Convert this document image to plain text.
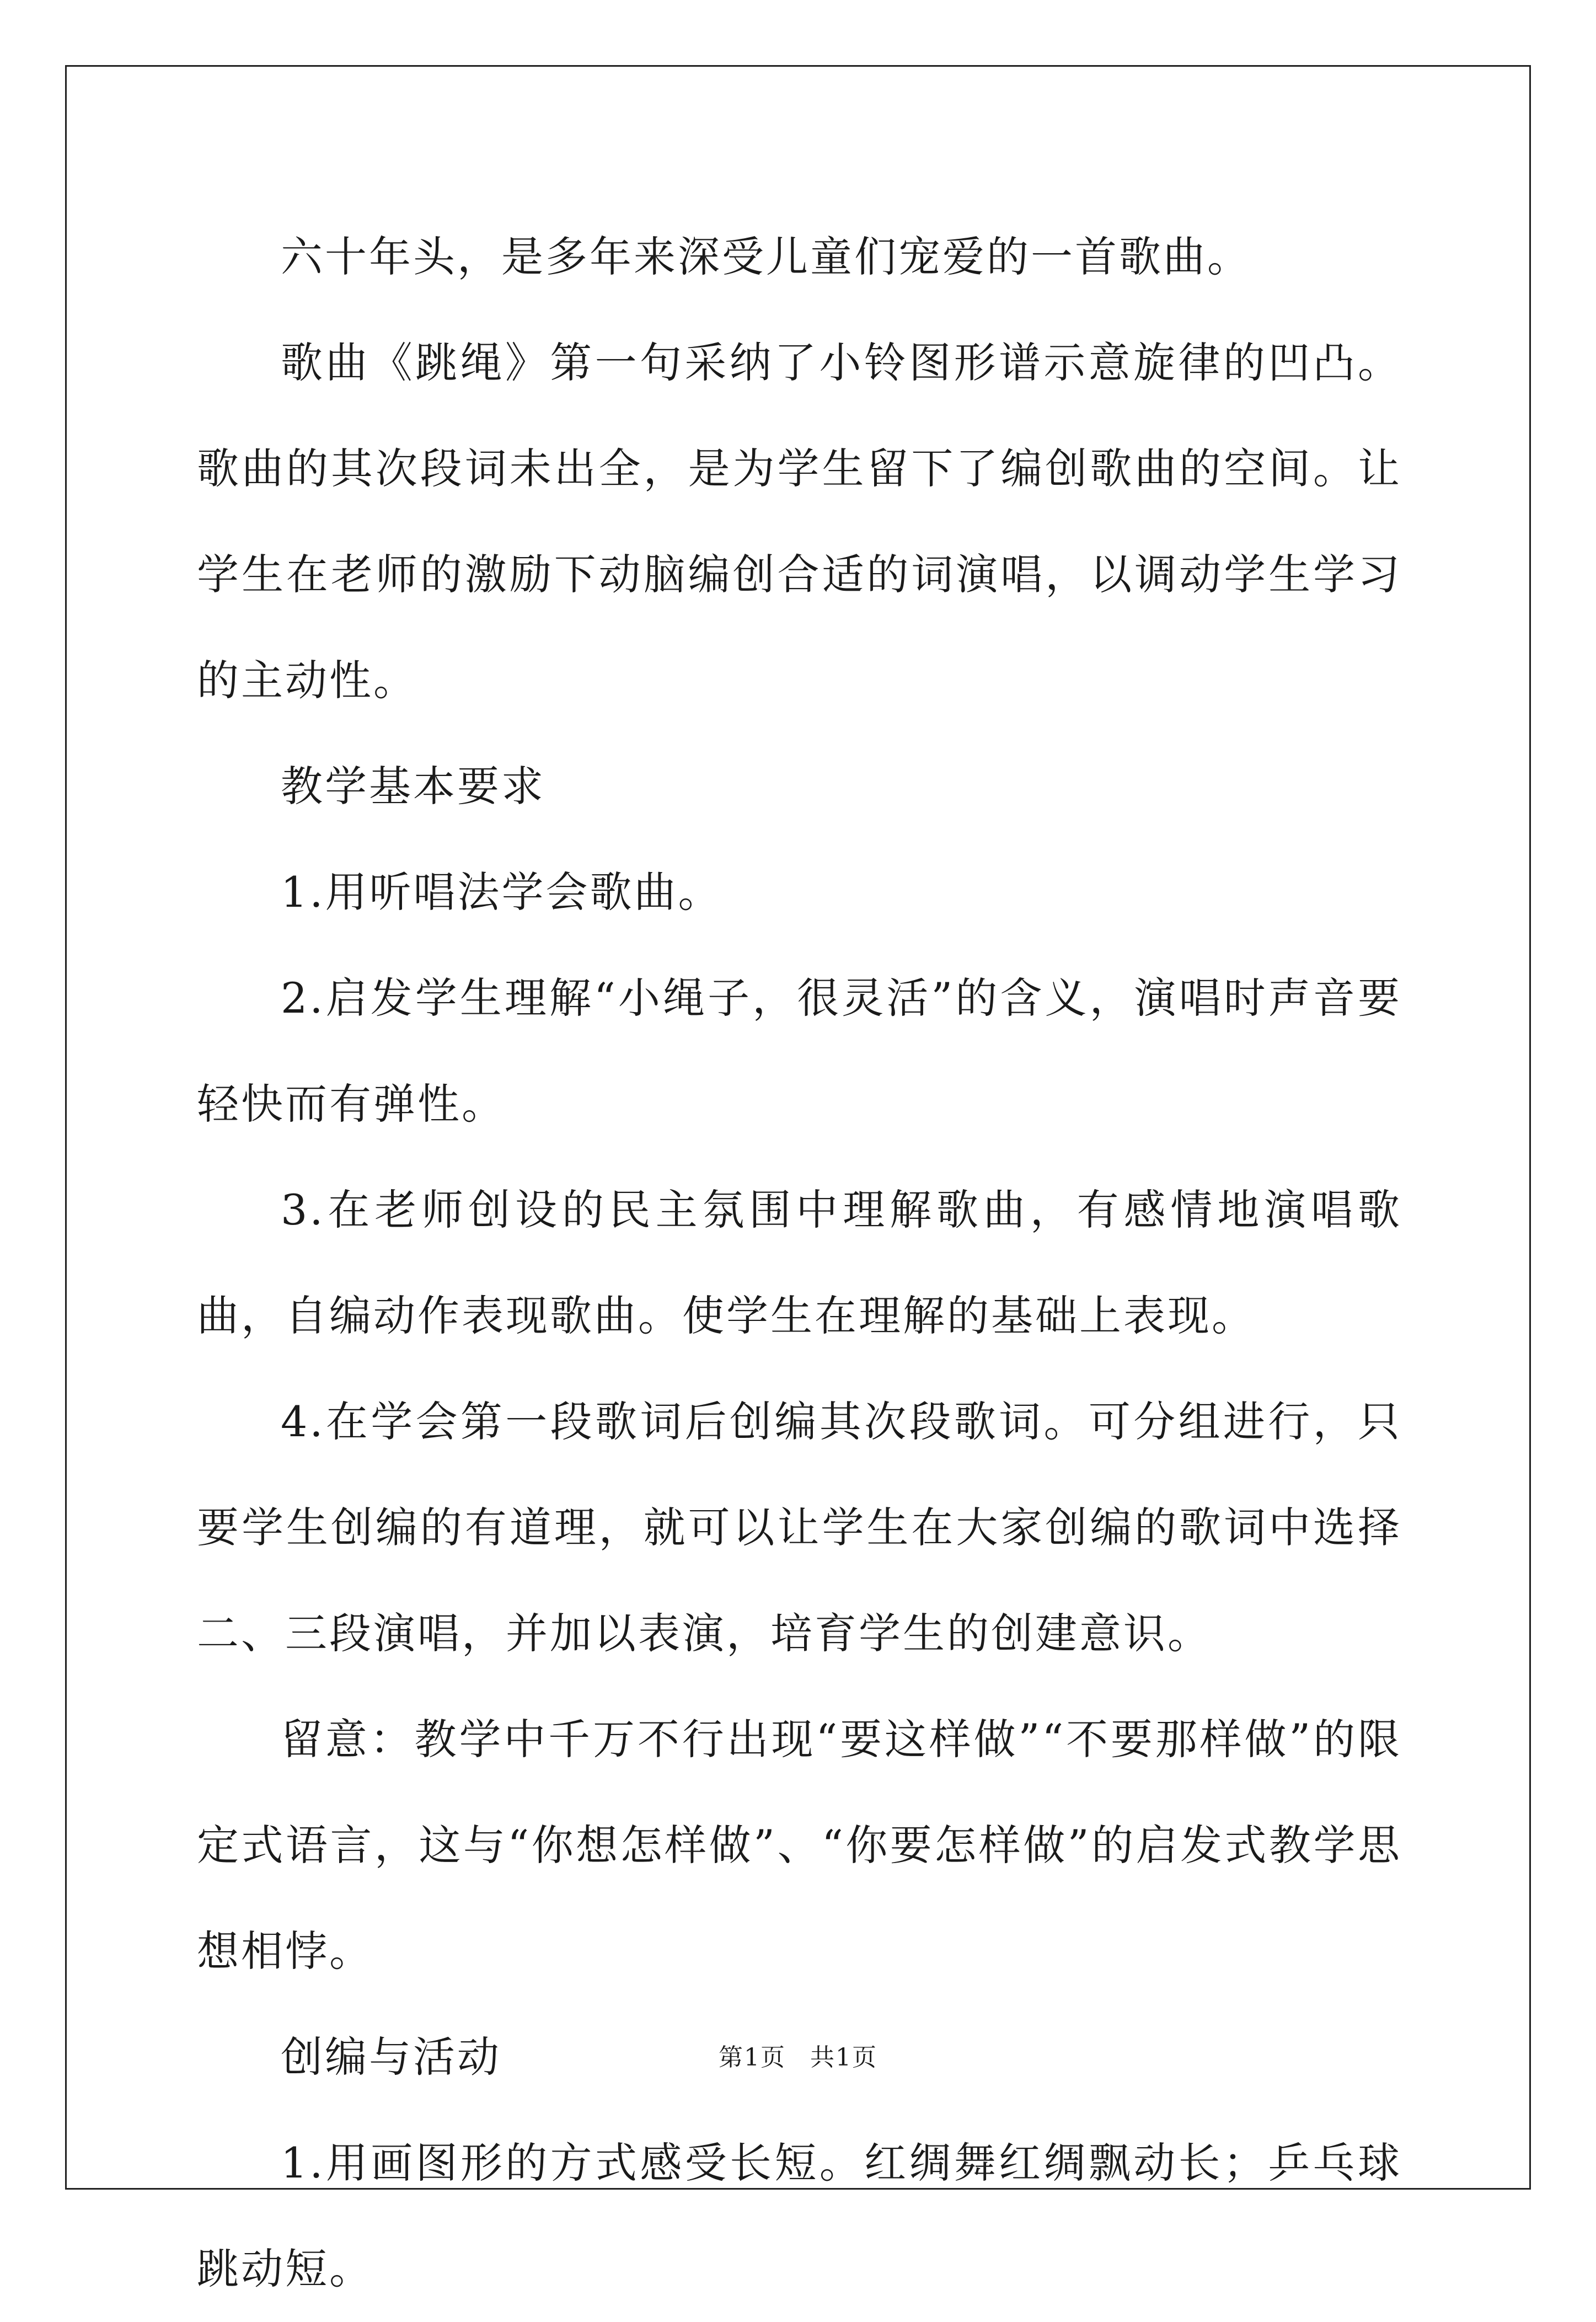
六十年头，是多年来深受儿童们宠爱的一首歌曲。

歌曲《跳绳》第一句采纳了小铃图形谱示意旋律的凹凸。歌曲的其次段词未出全，是为学生留下了编创歌曲的空间。让学生在老师的激励下动脑编创合适的词演唱，以调动学生学习的主动性。

教学基本要求

1.用听唱法学会歌曲。

2.启发学生理解“小绳子，很灵活”的含义，演唱时声音要轻快而有弹性。

3.在老师创设的民主氛围中理解歌曲，有感情地演唱歌曲，自编动作表现歌曲。使学生在理解的基础上表现。

4.在学会第一段歌词后创编其次段歌词。可分组进行，只要学生创编的有道理，就可以让学生在大家创编的歌词中选择二、三段演唱，并加以表演，培育学生的创建意识。

留意：教学中千万不行出现“要这样做”“不要那样做”的限定式语言，这与“你想怎样做”、“你要怎样做”的启发式教学思想相悖。

创编与活动

1.用画图形的方式感受长短。红绸舞红绸飘动长；乒乓球跳动短。

第1页 共1页
